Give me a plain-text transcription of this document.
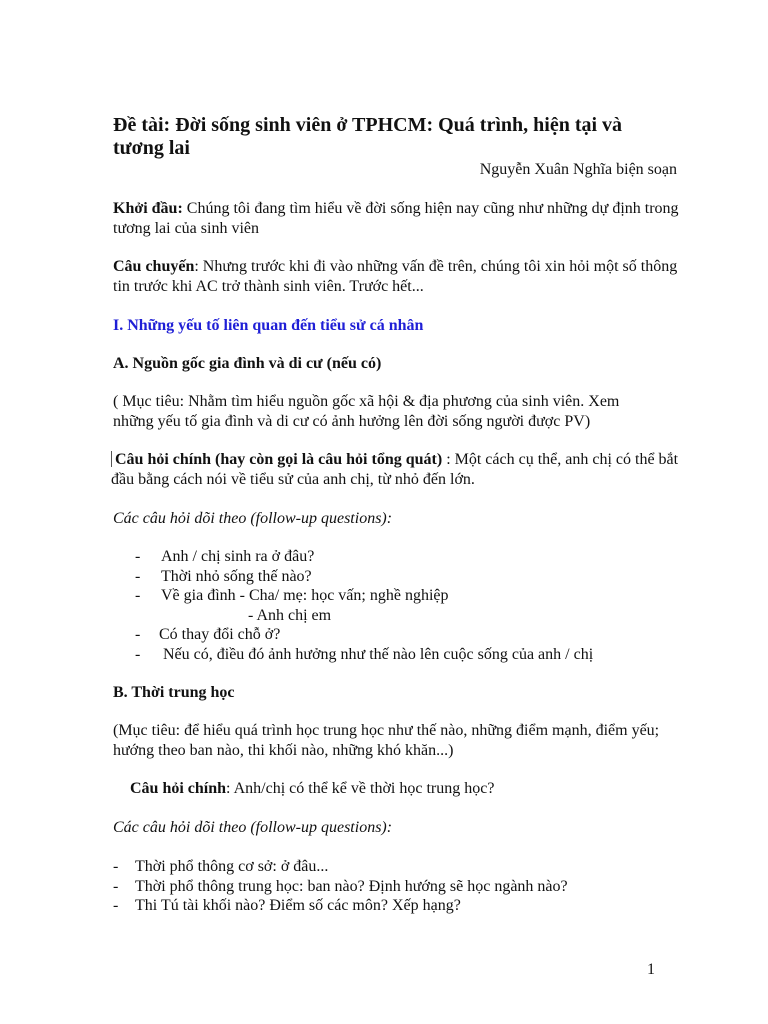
Đề tài: Đời sống sinh viên ở TPHCM: Quá trình, hiện tại và tương lai
Nguyễn Xuân Nghĩa biện soạn
Khởi đầu: Chúng tôi đang tìm hiểu về đời sống hiện nay cũng như những dự định trong tương lai của sinh viên
Câu chuyến: Nhưng trước khi đi vào những vấn đề trên, chúng tôi xin hỏi một số thông tin trước khi AC trở thành sinh viên. Trước hết...
I. Những yếu tố liên quan đến tiểu sử cá nhân
A. Nguồn gốc gia đình và di cư (nếu có)
( Mục tiêu: Nhằm tìm hiểu nguồn gốc xã hội & địa phương của sinh viên. Xem những yếu tố gia đình và di cư có ảnh hưởng lên đời sống người được PV)
Câu hỏi chính (hay còn gọi là câu hỏi tổng quát) : Một cách cụ thể, anh chị có thể bắt đầu bằng cách nói về tiểu sử của anh chị, từ nhỏ đến lớn.
Các câu hỏi dõi theo (follow-up questions):
- Anh / chị sinh ra ở đâu?
- Thời nhỏ sống thế nào?
- Về gia đình - Cha/ mẹ: học vấn; nghề nghiệp
- Anh chị em
- Có thay đổi chỗ ở?
- Nếu có, điều đó ảnh hưởng như thế nào lên cuộc sống của anh / chị
B. Thời trung học
(Mục tiêu: để hiểu quá trình học trung học như thế nào, những điểm mạnh, điểm yếu; hướng theo ban nào, thi khối nào, những khó khăn...)
Câu hỏi chính: Anh/chị có thể kể về thời học trung học?
Các câu hỏi dõi theo (follow-up questions):
- Thời phổ thông cơ sở: ở đâu...
- Thời phổ thông trung học: ban nào? Định hướng sẽ học ngành nào?
- Thi Tú tài khối nào? Điểm số các môn? Xếp hạng?
1
